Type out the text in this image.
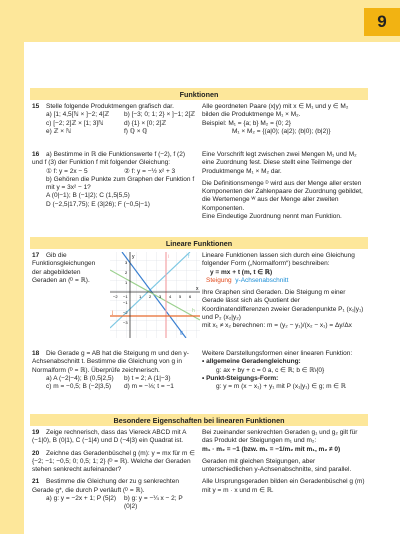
9
Funktionen
15 Stelle folgende Produktmengen grafisch dar.
a) [1; 4,5[ℕ × ]−2; 4[ℤ	b) [−3; 0; 1; 2} × ]−1; 2[ℤ
c) [−2; 2]ℤ × [1; 3]ℕ	d) {1} × [0; 2]ℤ
e) ℤ × ℕ	f) ℚ × ℚ
Alle geordneten Paare (x|y) mit x ∈ M₁ und y ∈ M₂ bilden die Produktmenge M₁ × M₂.
Beispiel: M₁ = {a; b} M₂ = {0; 2}
M₁ × M₂ = {(a|0); (a|2); (b|0); (b|2)}
16 a) Bestimme in ℝ die Funktionswerte f (−2), f (2) und f (3) der Funktion f mit folgender Gleichung:
① f: y = 2x − 5	② f: y = −½ x² + 3
b) Gehören die Punkte zum Graphen der Funktion f mit y = 3x² − 1?
A (0|−1); B (−1|2); C (1,5|5,5)
D (−2,5|17,75); E (3|26); F (−0,5|−1)
Eine Vorschrift legt zwischen zwei Mengen M₁ und M₂ eine Zuordnung fest. Diese stellt eine Teilmenge der Produktmenge M₁ × M₂ dar.
Die Definitionsmenge ᴰ wird aus der Menge aller ersten Komponenten der Zahlenpaare der Zuordnung gebildet, die Wertemenge ᵂ aus der Menge aller zweiten Komponenten.
Eine Eindeutige Zuordnung nennt man Funktion.
Lineare Funktionen
17 Gib die Funktionsgleichungen der abgebildeten Geraden an (ᴰ = ℝ).
y
x
−2 −1	1 2 3 4 5 6
3
2
1
−1
−2
−3
f
g
h
i
j
Lineare Funktionen lassen sich durch eine Gleichung folgender Form („Normalform“) beschreiben:
y = mx + t (m, t ∈ ℝ)
Steigung y-Achsenabschnitt
Ihre Graphen sind Geraden. Die Steigung m einer Gerade lässt sich als Quotient der Koordinatendifferenzen zweier Geradenpunkte P₁ (x₁|y₁) und P₂ (x₂|y₂)
mit x₁ ≠ x₂ berechnen: m = (y₂ − y₁)/(x₂ − x₁) = Δy/Δx
18 Die Gerade g = AB hat die Steigung m und den y-Achsenabschnitt t. Bestimme die Gleichung von g in Normalform (ᴰ = ℝ). Überprüfe zeichnerisch.
a) A (−2|−4); B (0,5|2,5)	b) t = 2; A (1|−3)
c) m = −0,5; B (−2|3,5)	d) m = −⅓; t = −1
Weitere Darstellungsformen einer linearen Funktion:
• allgemeine Geradengleichung:
g: ax + by + c = 0 a, c ∈ ℝ; b ∈ ℝ\{0}
• Punkt-Steigungs-Form:
g: y = m (x − x₁) + y₁ mit P (x₁|y₁) ∈ g; m ∈ ℝ
Besondere Eigenschaften bei linearen Funktionen
19 Zeige rechnerisch, dass das Viereck ABCD mit A (−1|0), B (0|1), C (−1|4) und D (−4|3) ein Quadrat ist.
20 Zeichne das Geradenbüschel g (m): y = mx für m ∈ {−2; −1; −0,5; 0; 0,5; 1; 2} (ᴰ = ℝ). Welche der Geraden stehen senkrecht aufeinander?
21 Bestimme die Gleichung der zu g senkrechten Gerade g*, die durch P verläuft (ᴰ = ℝ).
a) g: y = −2x + 1; P (5|2)	b) g: y = −¼ x − 2; P (0|2)
Bei zueinander senkrechten Geraden g₁ und g₂ gilt für das Produkt der Steigungen m₁ und m₂:
m₁ · m₂ = −1 (bzw. m₁ = −1/m₂ mit m₁, m₂ ≠ 0)
Geraden mit gleichen Steigungen, aber unterschiedlichen y-Achsenabschnitte, sind parallel.
Alle Ursprungsgeraden bilden ein Geradenbüschel g (m) mit y = m · x und m ∈ ℝ.
